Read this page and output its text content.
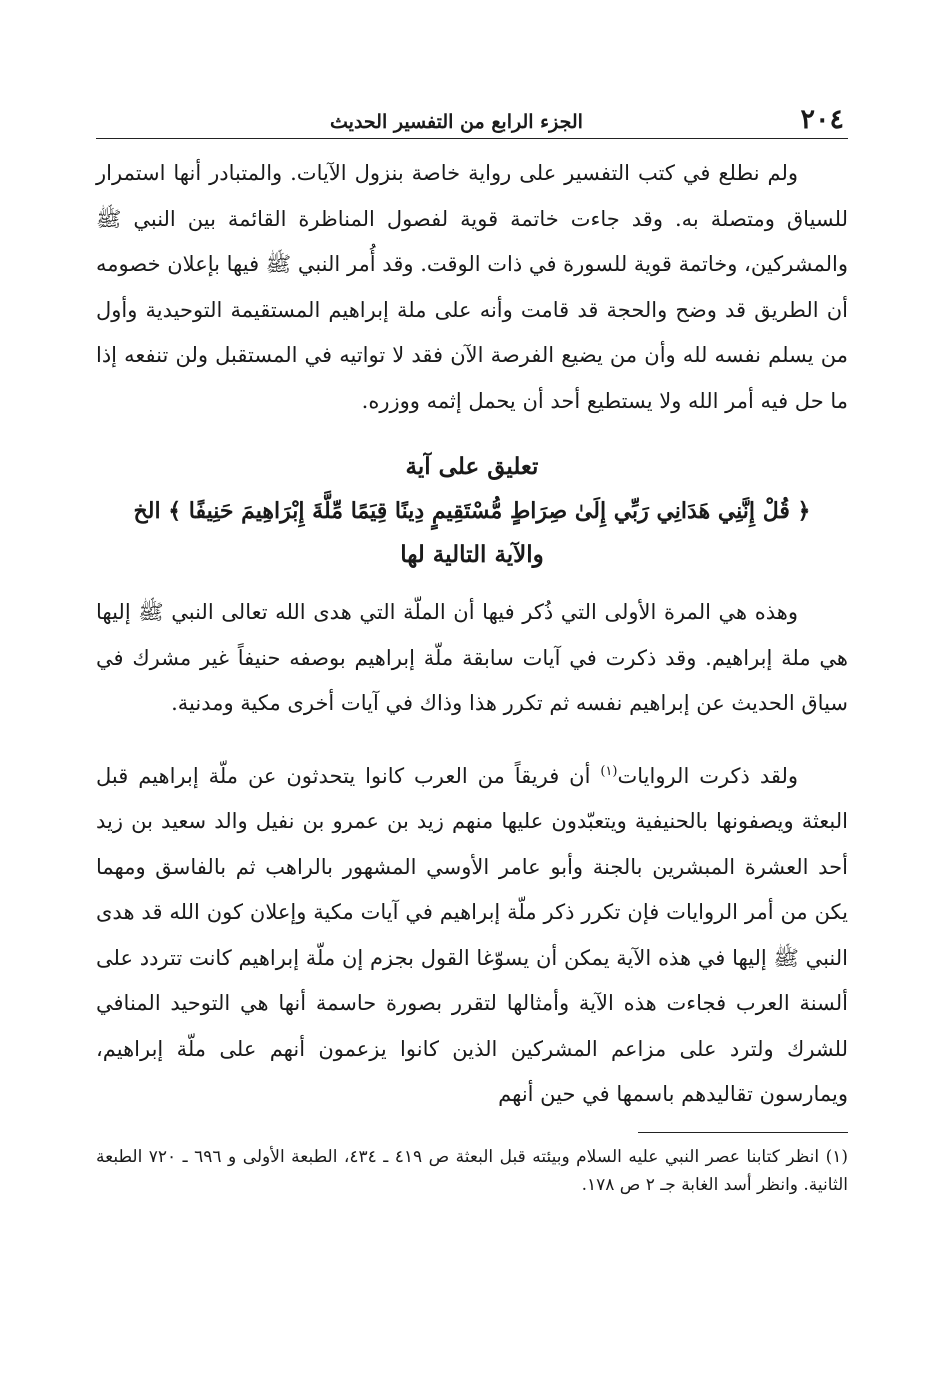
٢٠٤
الجزء الرابع من التفسير الحديث

ولم نطلع في كتب التفسير على رواية خاصة بنزول الآيات. والمتبادر أنها استمرار للسياق ومتصلة به. وقد جاءت خاتمة قوية لفصول المناظرة القائمة بين النبي ﷺ والمشركين، وخاتمة قوية للسورة في ذات الوقت. وقد أُمر النبي ﷺ فيها بإعلان خصومه أن الطريق قد وضح والحجة قد قامت وأنه على ملة إبراهيم المستقيمة التوحيدية وأول من يسلم نفسه لله وأن من يضيع الفرصة الآن فقد لا تواتيه في المستقبل ولن تنفعه إذا ما حل فيه أمر الله ولا يستطيع أحد أن يحمل إثمه ووزره.

تعليق على آية
﴿ قُلْ إِنَّنِي هَدَانِي رَبِّي إِلَىٰ صِرَاطٍ مُّسْتَقِيمٍ دِينًا قِيَمًا مِّلَّةَ إِبْرَاهِيمَ حَنِيفًا ﴾ الخ
والآية التالية لها

وهذه هي المرة الأولى التي ذُكر فيها أن الملّة التي هدى الله تعالى النبي ﷺ إليها هي ملة إبراهيم. وقد ذكرت في آيات سابقة ملّة إبراهيم بوصفه حنيفاً غير مشرك في سياق الحديث عن إبراهيم نفسه ثم تكرر هذا وذاك في آيات أخرى مكية ومدنية.

ولقد ذكرت الروايات$^{(١)}$ أن فريقاً من العرب كانوا يتحدثون عن ملّة إبراهيم قبل البعثة ويصفونها بالحنيفية ويتعبّدون عليها منهم زيد بن عمرو بن نفيل والد سعيد بن زيد أحد العشرة المبشرين بالجنة وأبو عامر الأوسي المشهور بالراهب ثم بالفاسق ومهما يكن من أمر الروايات فإن تكرر ذكر ملّة إبراهيم في آيات مكية وإعلان كون الله قد هدى النبي ﷺ إليها في هذه الآية يمكن أن يسوّغا القول بجزم إن ملّة إبراهيم كانت تتردد على ألسنة العرب فجاءت هذه الآية وأمثالها لتقرر بصورة حاسمة أنها هي التوحيد المنافي للشرك ولترد على مزاعم المشركين الذين كانوا يزعمون أنهم على ملّة إبراهيم، ويمارسون تقاليدهم باسمها في حين أنهم

(١) انظر كتابنا عصر النبي عليه السلام وبيئته قبل البعثة ص ٤١٩ ـ ٤٣٤، الطبعة الأولى و ٦٩٦ ـ ٧٢٠ الطبعة الثانية. وانظر أسد الغابة جـ ٢ ص ١٧٨.
